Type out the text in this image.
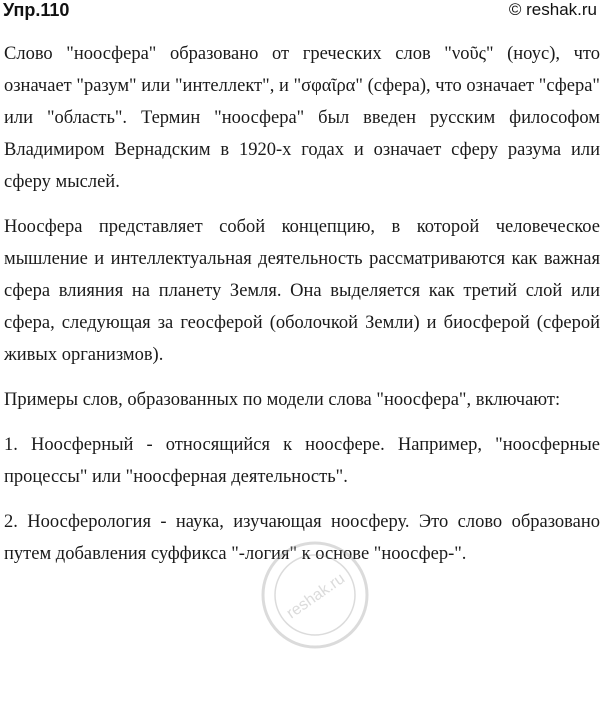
Упр.110	© reshak.ru

Слово "ноосфера" образовано от греческих слов "νοῦς" (ноус), что означает "разум" или "интеллект", и "σφαῖρα" (сфера), что означает "сфера" или "область". Термин "ноосфера" был введен русским философом Владимиром Вернадским в 1920-х годах и означает сферу разума или сферу мыслей.

Ноосфера представляет собой концепцию, в которой человеческое мышление и интеллектуальная деятельность рассматриваются как важная сфера влияния на планету Земля. Она выделяется как третий слой или сфера, следующая за геосферой (оболочкой Земли) и биосферой (сферой живых организмов).

Примеры слов, образованных по модели слова "ноосфера", включают:

1. Ноосферный - относящийся к ноосфере. Например, "ноосферные процессы" или "ноосферная деятельность".

2. Ноосферология - наука, изучающая ноосферу. Это слово образовано путем добавления суффикса "-логия" к основе "ноосфер-".

reshak.ru
